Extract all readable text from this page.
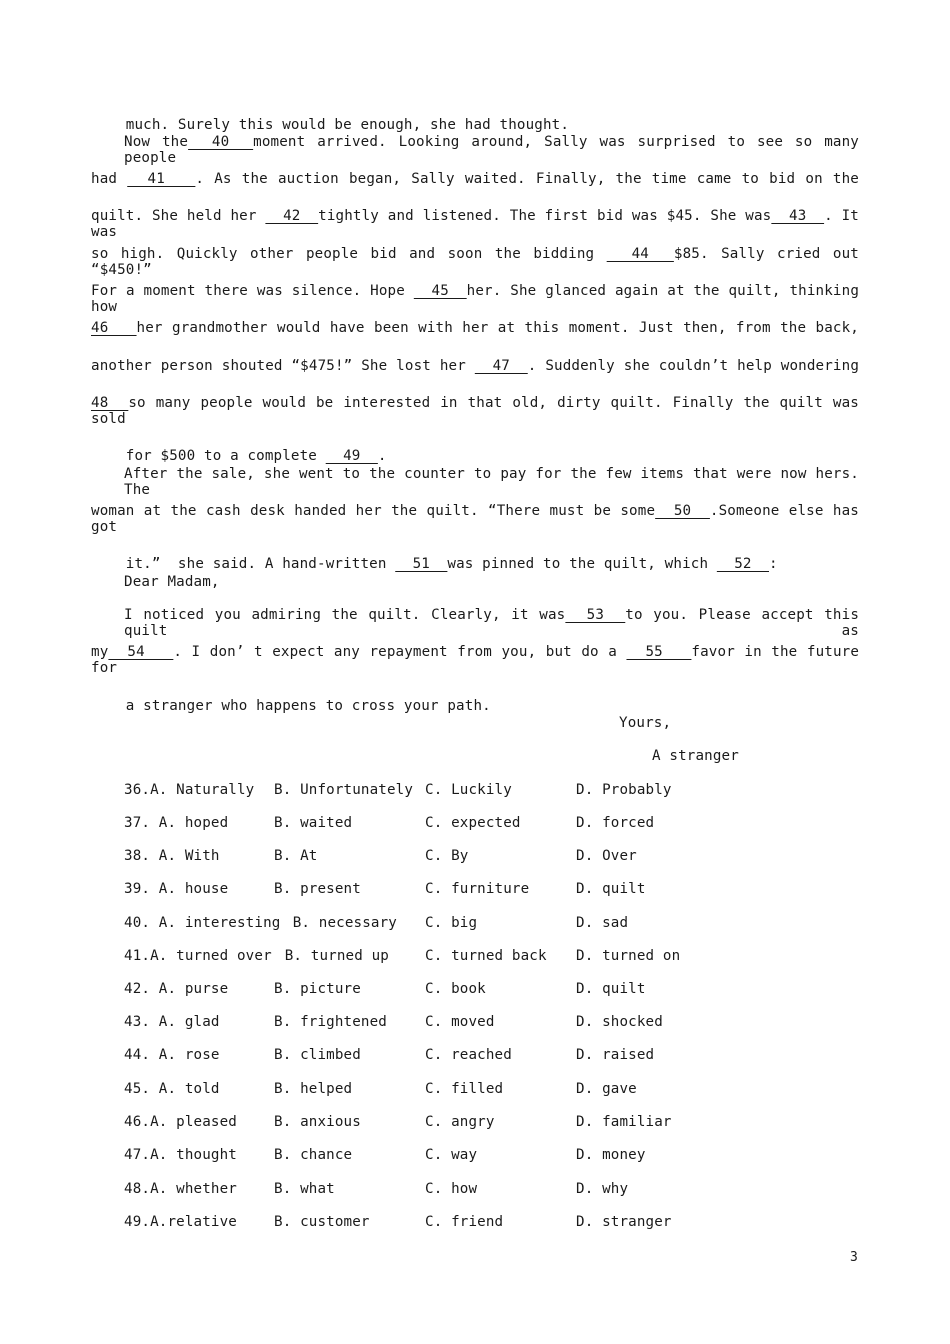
much. Surely this would be enough, she had thought.

Now the  40  moment arrived. Looking around, Sally was surprised to see so many people
had   41   . As the auction began, Sally waited. Finally, the time came to bid on the
quilt. She held her   42  tightly and listened. The first bid was $45. She was  43  . It was
so high. Quickly other people bid and soon the bidding   44  $85. Sally cried out “$450!”
For a moment there was silence. Hope   45  her. She glanced again at the quilt, thinking how
46   her grandmother would have been with her at this moment. Just then, from the back,
another person shouted “$475!” She lost her   47  . Suddenly she couldn’t help wondering
48  so many people would be interested in that old, dirty quilt. Finally the quilt was sold

for $500 to a complete   49  .

After the sale, she went to the counter to pay for the few items that were now hers. The
woman at the cash desk handed her the quilt. “There must be some  50  .Someone else has got

it.”  she said. A hand-written   51  was pinned to the quilt, which   52  :

Dear Madam,
I noticed you admiring the quilt. Clearly, it was  53  to you. Please accept this quilt as
my  54   . I don’ t expect any repayment from you, but do a   55   favor in the future for

a stranger who happens to cross your path.

Yours,
A stranger

36.A. Naturally

B. Unfortunately

C. Luckily

	D. Probably

37. A. hoped

	B. waited

	C. expected

	D. forced

38. A. With

	B. At

	C. By

	D. Over

39. A. house

	B. present

	C. furniture

	D. quilt

40. A. interesting

B. necessary

C. big

	D. sad

41.A. turned over

B. turned up

	C. turned back

D. turned on

42. A. purse

	B. picture

	C. book

	D. quilt

43. A. glad

	B. frightened

	C. moved

	D. shocked

44. A. rose

	B. climbed

	C. reached

	D. raised

45. A. told

	B. helped

	C. filled

	D. gave

46.A. pleased

	B. anxious

	C. angry

	D. familiar

47.A. thought

	B. chance

	C. way

	D. money

48.A. whether

	B. what

	C. how

	D. why

49.A.relative

	B. customer

	C. friend

	D. stranger

3
